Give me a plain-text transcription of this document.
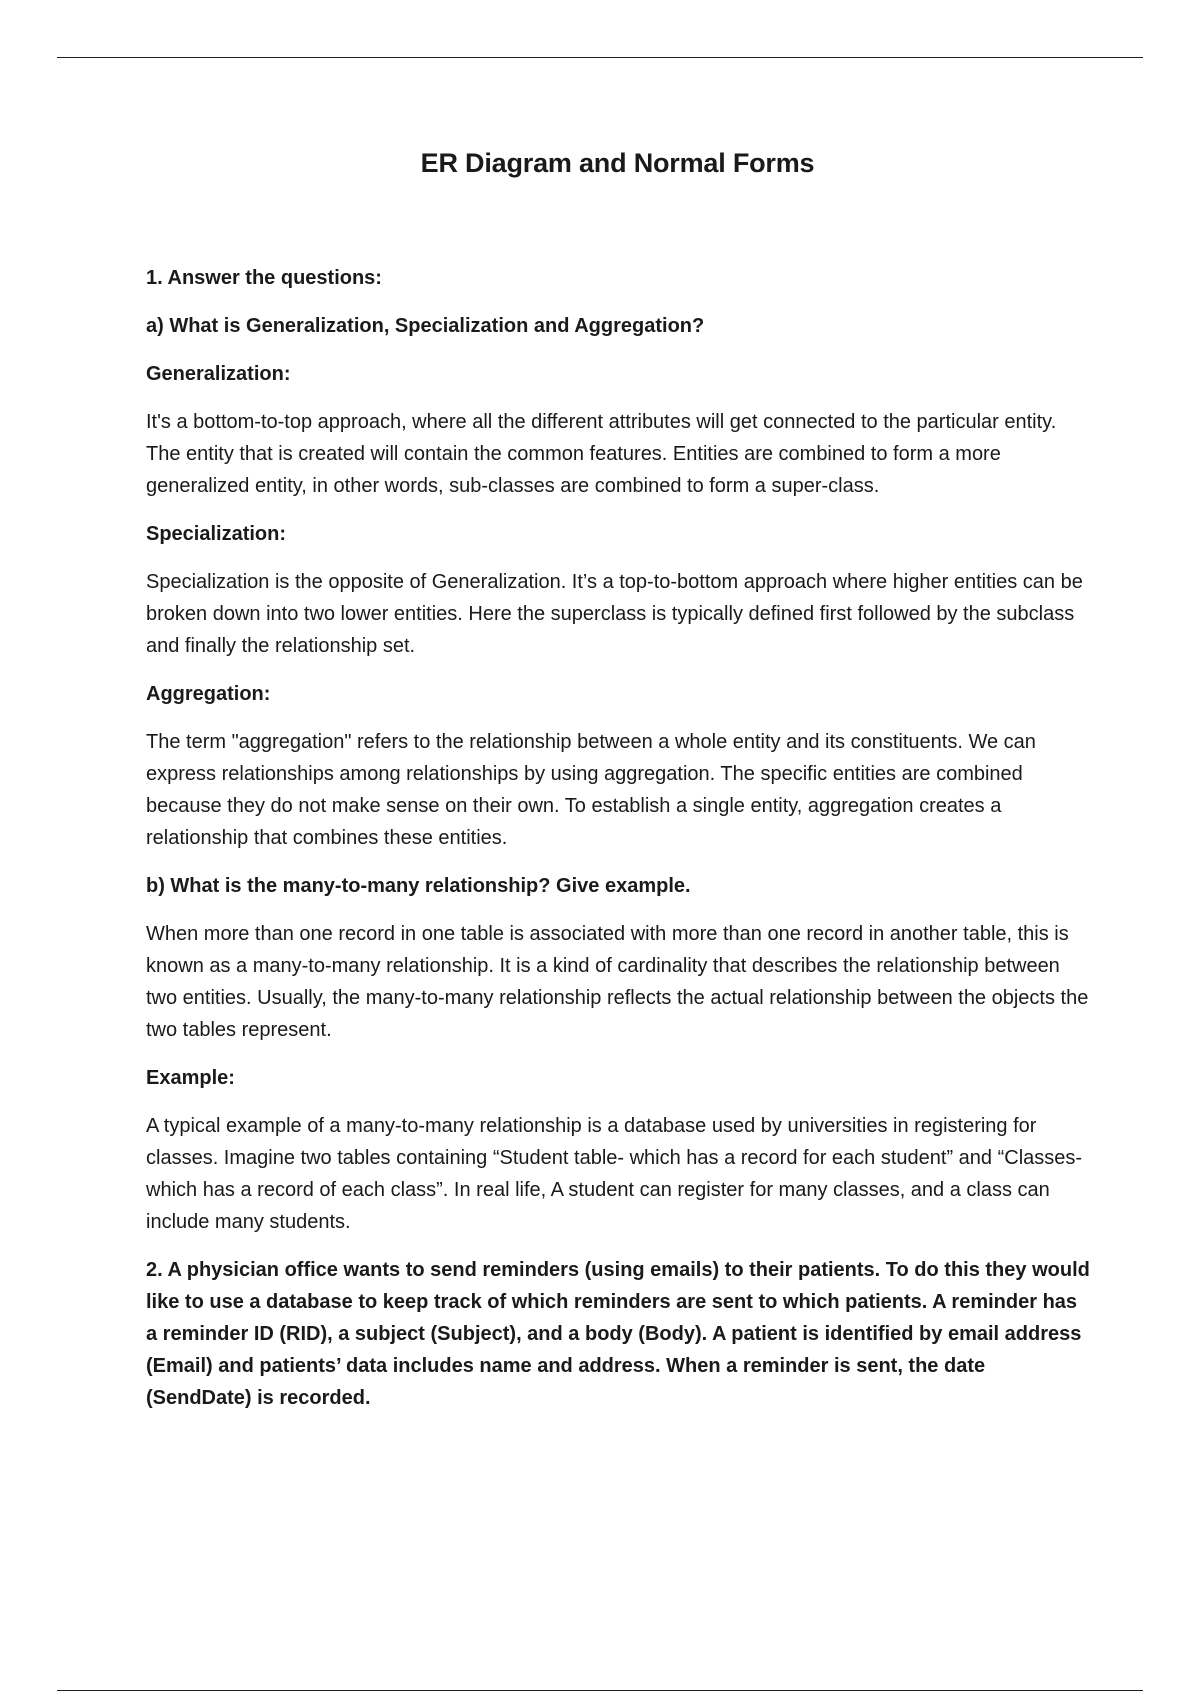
ER Diagram and Normal Forms

1. Answer the questions:

a) What is Generalization, Specialization and Aggregation?

Generalization:

It's a bottom-to-top approach, where all the different attributes will get connected to the particular entity. The entity that is created will contain the common features. Entities are combined to form a more generalized entity, in other words, sub-classes are combined to form a super-class.

Specialization:

Specialization is the opposite of Generalization. It’s a top-to-bottom approach where higher entities can be broken down into two lower entities. Here the superclass is typically defined first followed by the subclass and finally the relationship set.

Aggregation:

The term "aggregation" refers to the relationship between a whole entity and its constituents. We can express relationships among relationships by using aggregation. The specific entities are combined because they do not make sense on their own. To establish a single entity, aggregation creates a relationship that combines these entities.

b) What is the many-to-many relationship? Give example.

When more than one record in one table is associated with more than one record in another table, this is known as a many-to-many relationship. It is a kind of cardinality that describes the relationship between two entities. Usually, the many-to-many relationship reflects the actual relationship between the objects the two tables represent.

Example:

A typical example of a many-to-many relationship is a database used by universities in registering for classes. Imagine two tables containing “Student table- which has a record for each student” and “Classes- which has a record of each class”. In real life, A student can register for many classes, and a class can include many students.

2. A physician office wants to send reminders (using emails) to their patients. To do this they would like to use a database to keep track of which reminders are sent to which patients. A reminder has a reminder ID (RID), a subject (Subject), and a body (Body). A patient is identified by email address (Email) and patients’ data includes name and address. When a reminder is sent, the date (SendDate) is recorded.
